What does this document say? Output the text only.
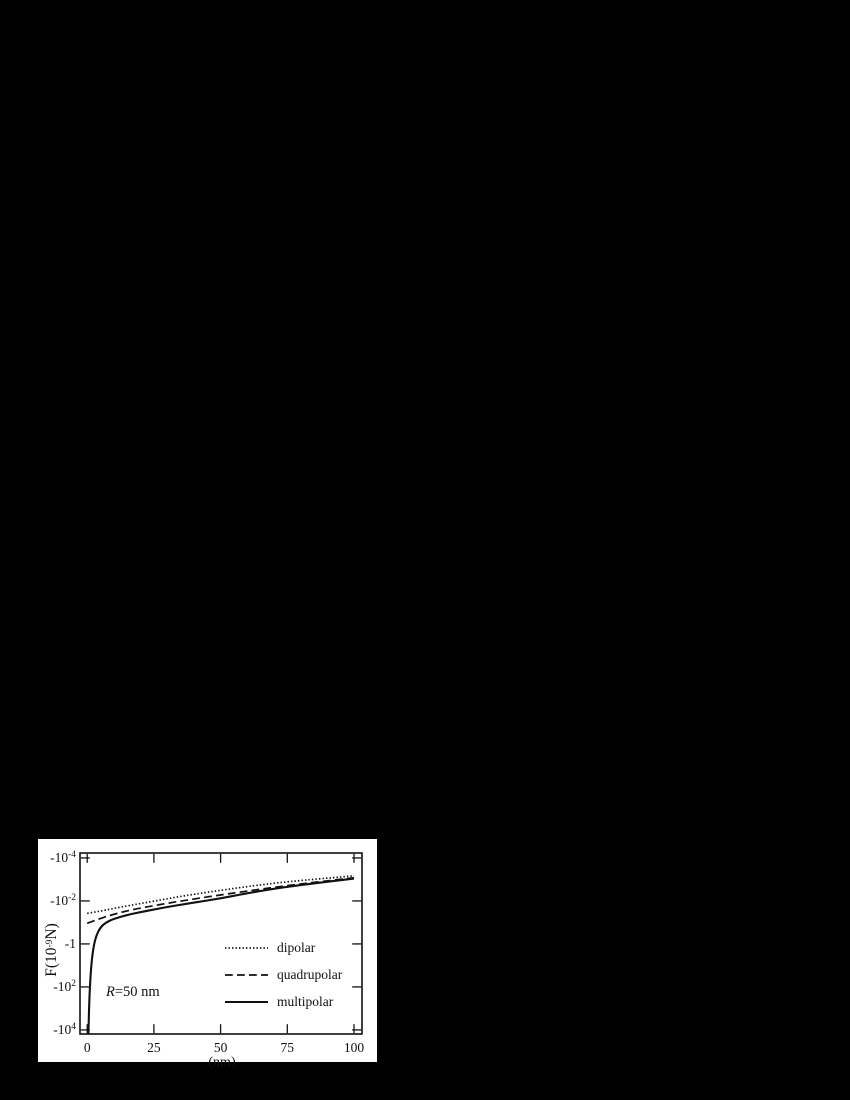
$F(10^{-9}N)$
R=50 nm
(nm)
0	25	50	75	100
$-10^{-4}$
$-10^{-2}$
-1
$-10^2$
$-10^4$
dipolar
quadrupolar
multipolar
